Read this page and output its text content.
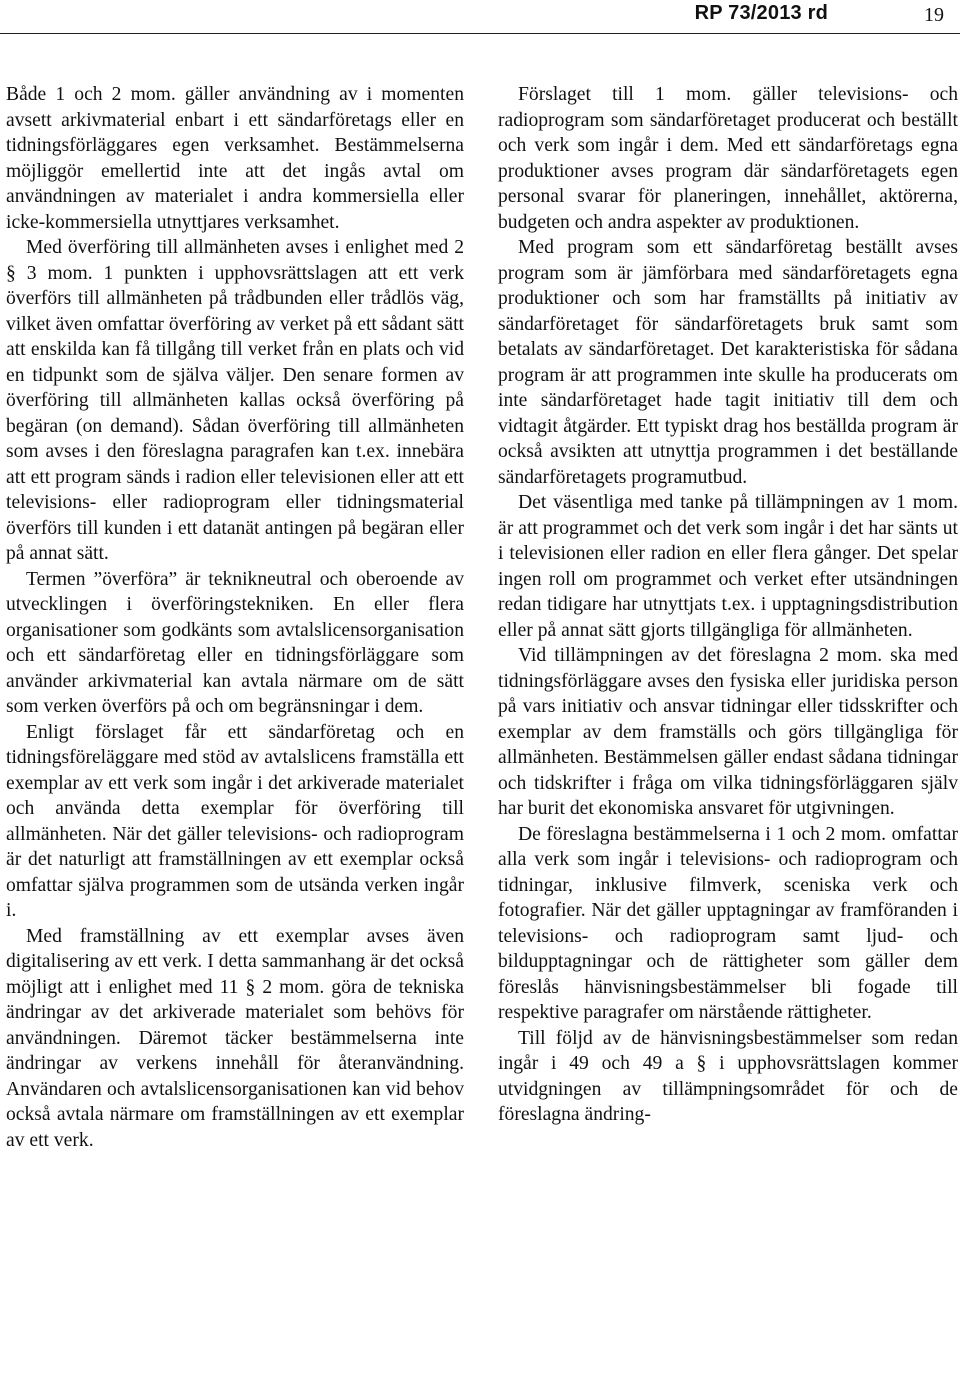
RP 73/2013 rd	19

Både 1 och 2 mom. gäller användning av i momenten avsett arkivmaterial enbart i ett sändarföretags eller en tidningsförläggares egen verksamhet. Bestämmelserna möjliggör emellertid inte att det ingås avtal om användningen av materialet i andra kommersiella eller icke-kommersiella utnyttjares verksamhet.

Med överföring till allmänheten avses i enlighet med 2 § 3 mom. 1 punkten i upphovsrättslagen att ett verk överförs till allmänheten på trådbunden eller trådlös väg, vilket även omfattar överföring av verket på ett sådant sätt att enskilda kan få tillgång till verket från en plats och vid en tidpunkt som de själva väljer. Den senare formen av överföring till allmänheten kallas också överföring på begäran (on demand). Sådan överföring till allmänheten som avses i den föreslagna paragrafen kan t.ex. innebära att ett program sänds i radion eller televisionen eller att ett televisions- eller radioprogram eller tidningsmaterial överförs till kunden i ett datanät antingen på begäran eller på annat sätt.

Termen ”överföra” är teknikneutral och oberoende av utvecklingen i överföringstekniken. En eller flera organisationer som godkänts som avtalslicensorganisation och ett sändarföretag eller en tidningsförläggare som använder arkivmaterial kan avtala närmare om de sätt som verken överförs på och om begränsningar i dem.

Enligt förslaget får ett sändarföretag och en tidningsföreläggare med stöd av avtalslicens framställa ett exemplar av ett verk som ingår i det arkiverade materialet och använda detta exemplar för överföring till allmänheten. När det gäller televisions- och radioprogram är det naturligt att framställningen av ett exemplar också omfattar själva programmen som de utsända verken ingår i.

Med framställning av ett exemplar avses även digitalisering av ett verk. I detta sammanhang är det också möjligt att i enlighet med 11 § 2 mom. göra de tekniska ändringar av det arkiverade materialet som behövs för användningen. Däremot täcker bestämmelserna inte ändringar av verkens innehåll för återanvändning. Användaren och avtalslicensorganisationen kan vid behov också avtala närmare om framställningen av ett exemplar av ett verk.

Förslaget till 1 mom. gäller televisions- och radioprogram som sändarföretaget producerat och beställt och verk som ingår i dem. Med ett sändarföretags egna produktioner avses program där sändarföretagets egen personal svarar för planeringen, innehållet, aktörerna, budgeten och andra aspekter av produktionen.

Med program som ett sändarföretag beställt avses program som är jämförbara med sändarföretagets egna produktioner och som har framställts på initiativ av sändarföretaget för sändarföretagets bruk samt som betalats av sändarföretaget. Det karakteristiska för sådana program är att programmen inte skulle ha producerats om inte sändarföretaget hade tagit initiativ till dem och vidtagit åtgärder. Ett typiskt drag hos beställda program är också avsikten att utnyttja programmen i det beställande sändarföretagets programutbud.

Det väsentliga med tanke på tillämpningen av 1 mom. är att programmet och det verk som ingår i det har sänts ut i televisionen eller radion en eller flera gånger. Det spelar ingen roll om programmet och verket efter utsändningen redan tidigare har utnyttjats t.ex. i upptagningsdistribution eller på annat sätt gjorts tillgängliga för allmänheten.

Vid tillämpningen av det föreslagna 2 mom. ska med tidningsförläggare avses den fysiska eller juridiska person på vars initiativ och ansvar tidningar eller tidsskrifter och exemplar av dem framställs och görs tillgängliga för allmänheten. Bestämmelsen gäller endast sådana tidningar och tidskrifter i fråga om vilka tidningsförläggaren själv har burit det ekonomiska ansvaret för utgivningen.

De föreslagna bestämmelserna i 1 och 2 mom. omfattar alla verk som ingår i televisions- och radioprogram och tidningar, inklusive filmverk, sceniska verk och fotografier. När det gäller upptagningar av framföranden i televisions- och radioprogram samt ljud- och bildupptagningar och de rättigheter som gäller dem föreslås hänvisningsbestämmelser bli fogade till respektive paragrafer om närstående rättigheter.

Till följd av de hänvisningsbestämmelser som redan ingår i 49 och 49 a § i upphovsrättslagen kommer utvidgningen av tillämpningsområdet för och de föreslagna ändring-
